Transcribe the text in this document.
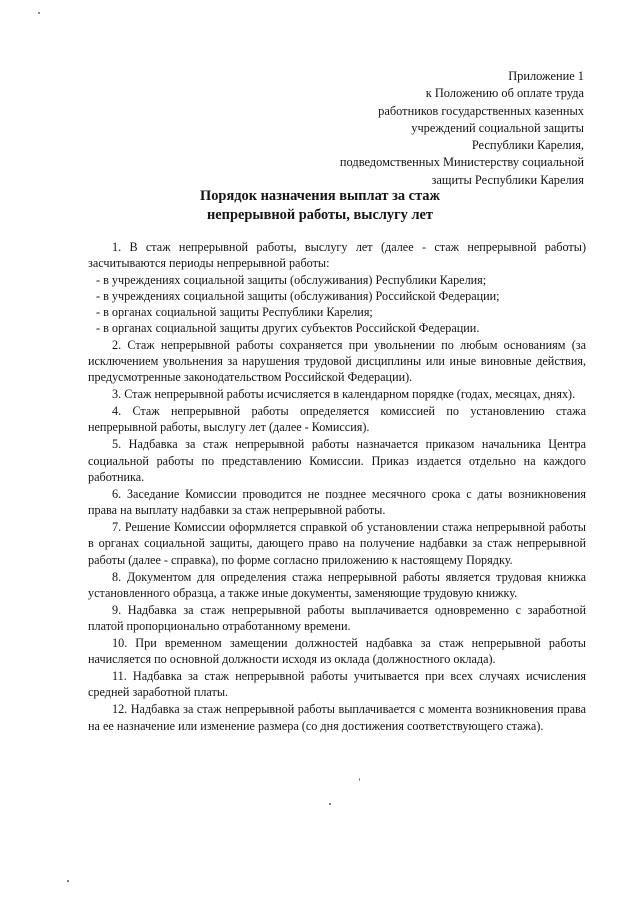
Приложение 1
к Положению об оплате труда
работников государственных казенных
учреждений социальной защиты
Республики Карелия,
подведомственных Министерству социальной
защиты Республики Карелия
Порядок назначения выплат за стаж
непрерывной работы, выслугу лет
1. В стаж непрерывной работы, выслугу лет (далее - стаж непрерывной работы) засчитываются периоды непрерывной работы:
- в учреждениях социальной защиты (обслуживания) Республики Карелия;
- в учреждениях социальной защиты (обслуживания) Российской Федерации;
- в органах социальной защиты Республики Карелия;
- в органах социальной защиты других субъектов Российской Федерации.
2. Стаж непрерывной работы сохраняется при увольнении по любым основаниям (за исключением увольнения за нарушения трудовой дисциплины или иные виновные действия, предусмотренные законодательством Российской Федерации).
3. Стаж непрерывной работы исчисляется в календарном порядке (годах, месяцах, днях).
4. Стаж непрерывной работы определяется комиссией по установлению стажа непрерывной работы, выслугу лет (далее - Комиссия).
5. Надбавка за стаж непрерывной работы назначается приказом начальника Центра социальной работы по представлению Комиссии. Приказ издается отдельно на каждого работника.
6. Заседание Комиссии проводится не позднее месячного срока с даты возникновения права на выплату надбавки за стаж непрерывной работы.
7. Решение Комиссии оформляется справкой об установлении стажа непрерывной работы в органах социальной защиты, дающего право на получение надбавки за стаж непрерывной работы (далее - справка), по форме согласно приложению к настоящему Порядку.
8. Документом для определения стажа непрерывной работы является трудовая книжка установленного образца, а также иные документы, заменяющие трудовую книжку.
9. Надбавка за стаж непрерывной работы выплачивается одновременно с заработной платой пропорционально отработанному времени.
10. При временном замещении должностей надбавка за стаж непрерывной работы начисляется по основной должности исходя из оклада (должностного оклада).
11. Надбавка за стаж непрерывной работы учитывается при всех случаях исчисления средней заработной платы.
12. Надбавка за стаж непрерывной работы выплачивается с момента возникновения права на ее назначение или изменение размера (со дня достижения соответствующего стажа).
